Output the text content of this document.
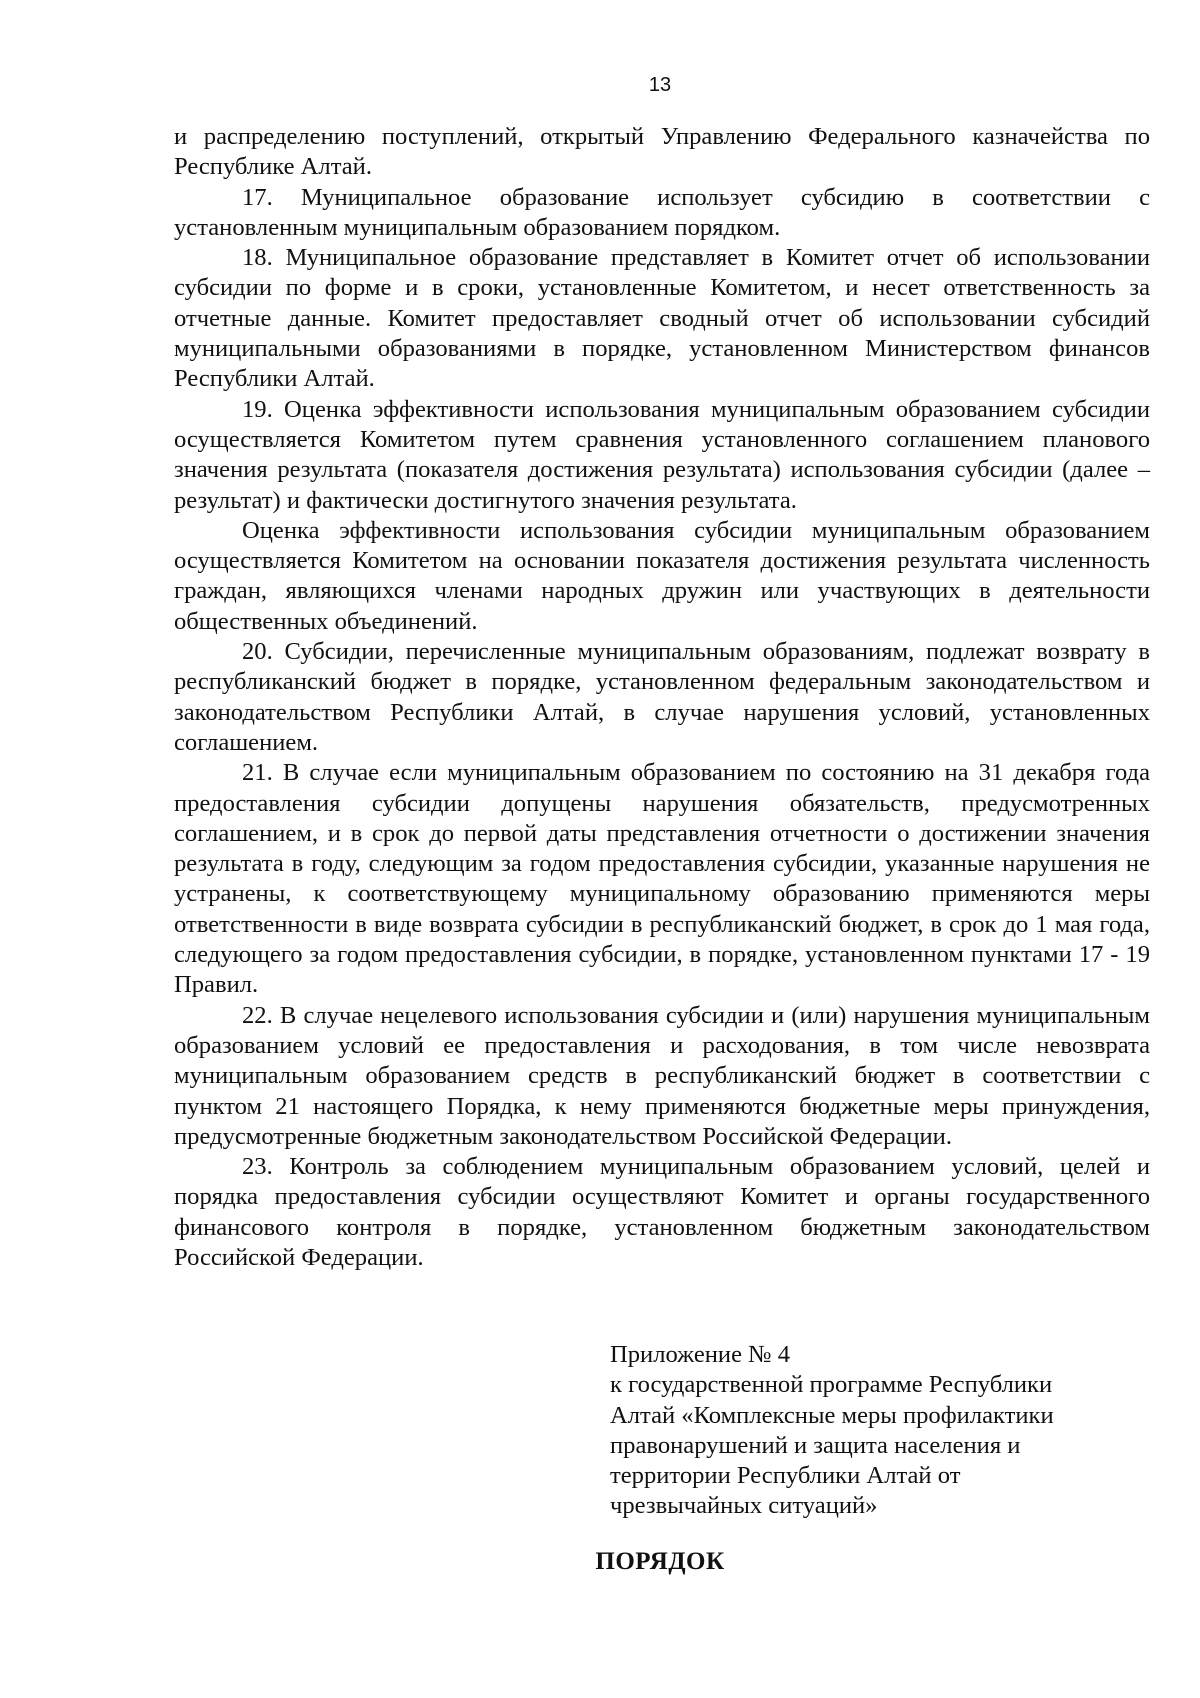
13

и распределению поступлений, открытый Управлению Федерального казначейства по Республике Алтай.

17. Муниципальное образование использует субсидию в соответствии с установленным муниципальным образованием порядком.

18. Муниципальное образование представляет в Комитет отчет об использовании субсидии по форме и в сроки, установленные Комитетом, и несет ответственность за отчетные данные. Комитет предоставляет сводный отчет об использовании субсидий муниципальными образованиями в порядке, установленном Министерством финансов Республики Алтай.

19. Оценка эффективности использования муниципальным образованием субсидии осуществляется Комитетом путем сравнения установленного соглашением планового значения результата (показателя достижения результата) использования субсидии (далее – результат) и фактически достигнутого значения результата.

Оценка эффективности использования субсидии муниципальным образованием осуществляется Комитетом на основании показателя достижения результата численность граждан, являющихся членами народных дружин или участвующих в деятельности общественных объединений.

20. Субсидии, перечисленные муниципальным образованиям, подлежат возврату в республиканский бюджет в порядке, установленном федеральным законодательством и законодательством Республики Алтай, в случае нарушения условий, установленных соглашением.

21. В случае если муниципальным образованием по состоянию на 31 декабря года предоставления субсидии допущены нарушения обязательств, предусмотренных соглашением, и в срок до первой даты представления отчетности о достижении значения результата в году, следующим за годом предоставления субсидии, указанные нарушения не устранены, к соответствующему муниципальному образованию применяются меры ответственности в виде возврата субсидии в республиканский бюджет, в срок до 1 мая года, следующего за годом предоставления субсидии, в порядке, установленном пунктами 17 - 19 Правил.

22. В случае нецелевого использования субсидии и (или) нарушения муниципальным образованием условий ее предоставления и расходования, в том числе невозврата муниципальным образованием средств в республиканский бюджет в соответствии с пунктом 21 настоящего Порядка, к нему применяются бюджетные меры принуждения, предусмотренные бюджетным законодательством Российской Федерации.

23. Контроль за соблюдением муниципальным образованием условий, целей и порядка предоставления субсидии осуществляют Комитет и органы государственного финансового контроля в порядке, установленном бюджетным законодательством Российской Федерации.

Приложение № 4
к государственной программе Республики
Алтай «Комплексные меры профилактики
правонарушений и защита населения и
территории Республики Алтай от
чрезвычайных ситуаций»
ПОРЯДОК
